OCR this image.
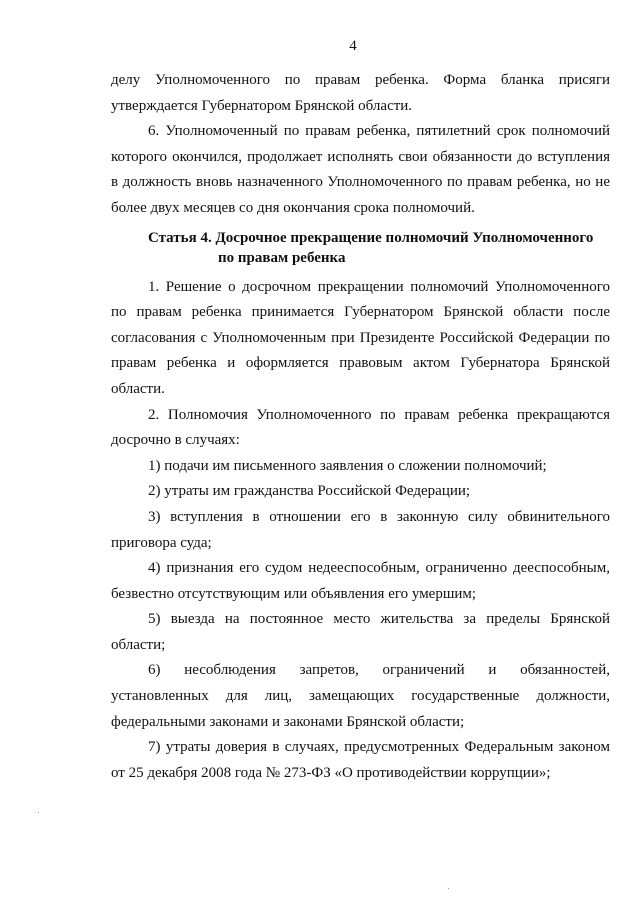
4

делу Уполномоченного по правам ребенка. Форма бланка присяги утверждается Губернатором Брянской области.

6. Уполномоченный по правам ребенка, пятилетний срок полномочий которого окончился, продолжает исполнять свои обязанности до вступления в должность вновь назначенного Уполномоченного по правам ребенка, но не более двух месяцев со дня окончания срока полномочий.

Статья 4. Досрочное прекращение полномочий Уполномоченного
по правам ребенка

1. Решение о досрочном прекращении полномочий Уполномоченного по правам ребенка принимается Губернатором Брянской области после согласования с Уполномоченным при Президенте Российской Федерации по правам ребенка и оформляется правовым актом Губернатора Брянской области.

2. Полномочия Уполномоченного по правам ребенка прекращаются досрочно в случаях:

1) подачи им письменного заявления о сложении полномочий;

2) утраты им гражданства Российской Федерации;

3) вступления в отношении его в законную силу обвинительного приговора суда;

4) признания его судом недееспособным, ограниченно дееспособным, безвестно отсутствующим или объявления его умершим;

5) выезда на постоянное место жительства за пределы Брянской области;

6) несоблюдения запретов, ограничений и обязанностей, установленных для лиц, замещающих государственные должности, федеральными законами и законами Брянской области;

7) утраты доверия в случаях, предусмотренных Федеральным законом от 25 декабря 2008 года № 273-ФЗ «О противодействии коррупции»;
